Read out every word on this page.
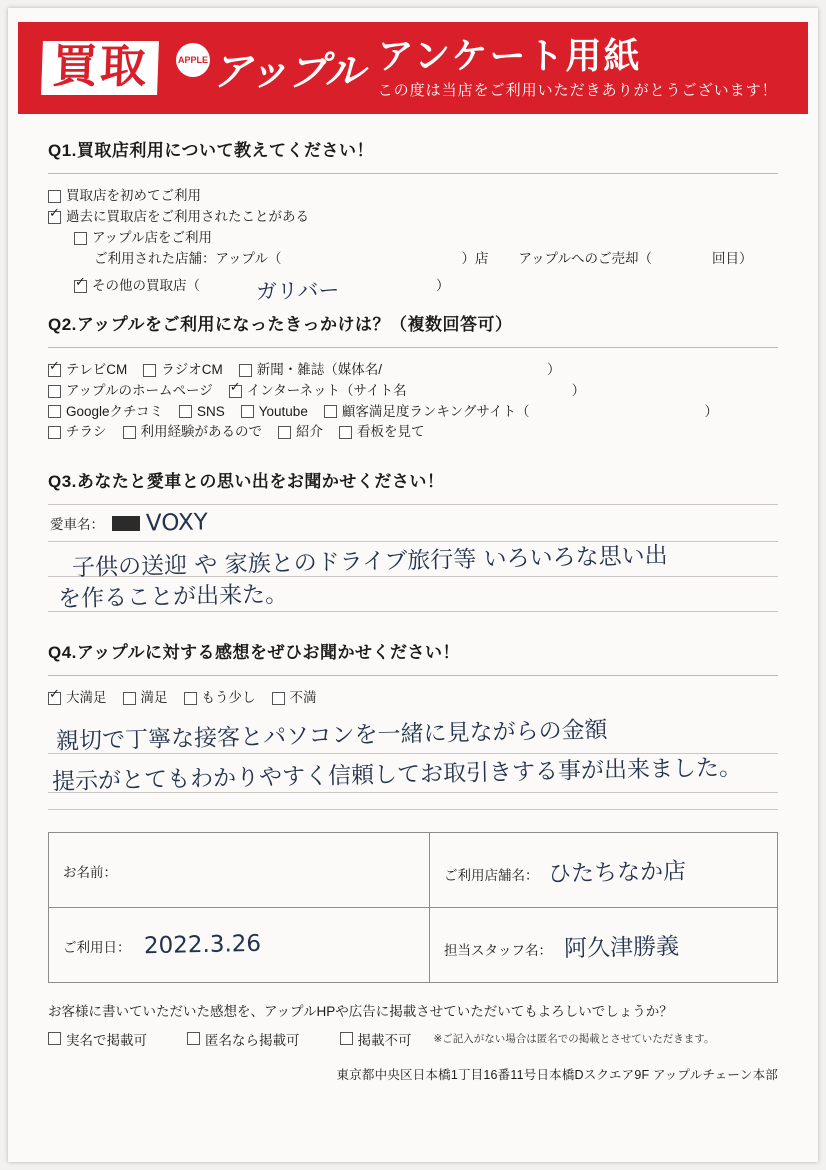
買取	APPLE アップル アンケート用紙
この度は当店をご利用いただきありがとうございます！
Q1.買取店利用について教えてください！
買取店を初めてご利用
✓
過去に買取店をご利用されたことがある
アップル店をご利用
ご利用された店舗：アップル（	）店 アップルへのご売却（	回目）
✓
その他の買取店（	）
ガリバー
Q2.アップルをご利用になったきっかけは？（複数回答可）
✓
テレビCM	ラジオCM	新聞・雑誌（媒体名/	）
アップルのホームページ ✓	インターネット（サイト名	）
Googleクチコミ	SNS	Youtube	顧客満足度ランキングサイト（	）
チラシ	利用経験があるので	紹介	看板を見て
Q3.あなたと愛車との思い出をお聞かせください！
愛車名： VOXY
子供の送迎 や 家族とのドライブ旅行等 いろいろな思い出
を作ることが出来た。
Q4.アップルに対する感想をぜひお聞かせください！
✓
大満足	満足	もう少し	不満
親切で丁寧な接客とパソコンを一緒に見ながらの金額
提示がとてもわかりやすく信頼してお取引きする事が出来ました。
お名前：	ご利用店舗名： ひたちなか店
ご利用日： 2022.3.26	担当スタッフ名： 阿久津勝義
お客様に書いていただいた感想を、アップルHPや広告に掲載させていただいてもよろしいでしょうか？
実名で掲載可	匿名なら掲載可	掲載不可 ※ご記入がない場合は匿名での掲載とさせていただきます。
東京都中央区日本橋1丁目16番11号日本橋Dスクエア9F アップルチェーン本部
